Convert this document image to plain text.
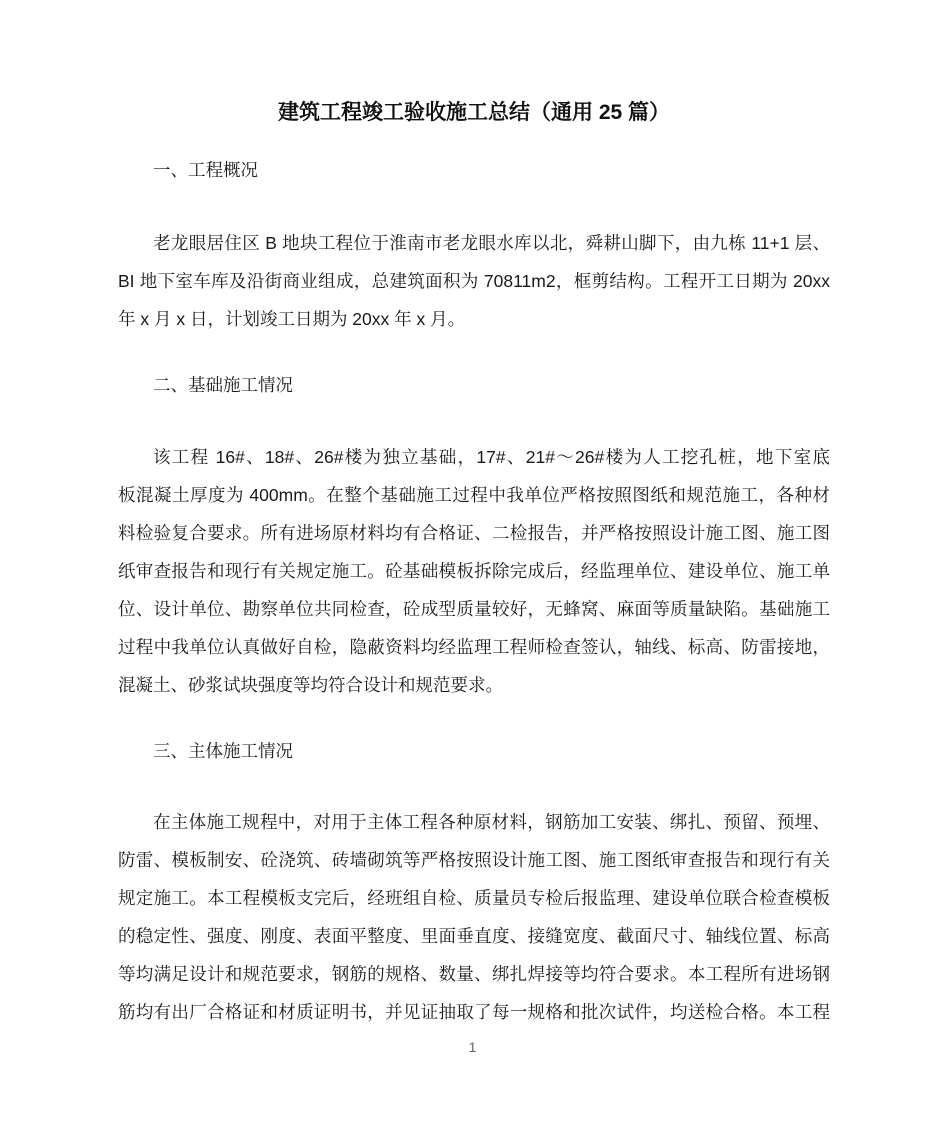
建筑工程竣工验收施工总结（通用 25 篇）
一、工程概况
老龙眼居住区 B 地块工程位于淮南市老龙眼水库以北，舜耕山脚下，由九栋 11+1 层、
BI 地下室车库及沿街商业组成，总建筑面积为 70811m2，框剪结构。工程开工日期为 20xx
年 x 月 x 日，计划竣工日期为 20xx 年 x 月。
二、基础施工情况
该工程 16#、18#、26#楼为独立基础，17#、21#～26#楼为人工挖孔桩，地下室底
板混凝土厚度为 400mm。在整个基础施工过程中我单位严格按照图纸和规范施工，各种材
料检验复合要求。所有进场原材料均有合格证、二检报告，并严格按照设计施工图、施工图
纸审查报告和现行有关规定施工。砼基础模板拆除完成后，经监理单位、建设单位、施工单
位、设计单位、勘察单位共同检查，砼成型质量较好，无蜂窝、麻面等质量缺陷。基础施工
过程中我单位认真做好自检，隐蔽资料均经监理工程师检查签认，轴线、标高、防雷接地，
混凝土、砂浆试块强度等均符合设计和规范要求。
三、主体施工情况
在主体施工规程中，对用于主体工程各种原材料，钢筋加工安装、绑扎、预留、预埋、
防雷、模板制安、砼浇筑、砖墙砌筑等严格按照设计施工图、施工图纸审查报告和现行有关
规定施工。本工程模板支完后，经班组自检、质量员专检后报监理、建设单位联合检查模板
的稳定性、强度、刚度、表面平整度、里面垂直度、接缝宽度、截面尺寸、轴线位置、标高
等均满足设计和规范要求，钢筋的规格、数量、绑扎焊接等均符合要求。本工程所有进场钢
筋均有出厂合格证和材质证明书，并见证抽取了每一规格和批次试件，均送检合格。本工程
1
